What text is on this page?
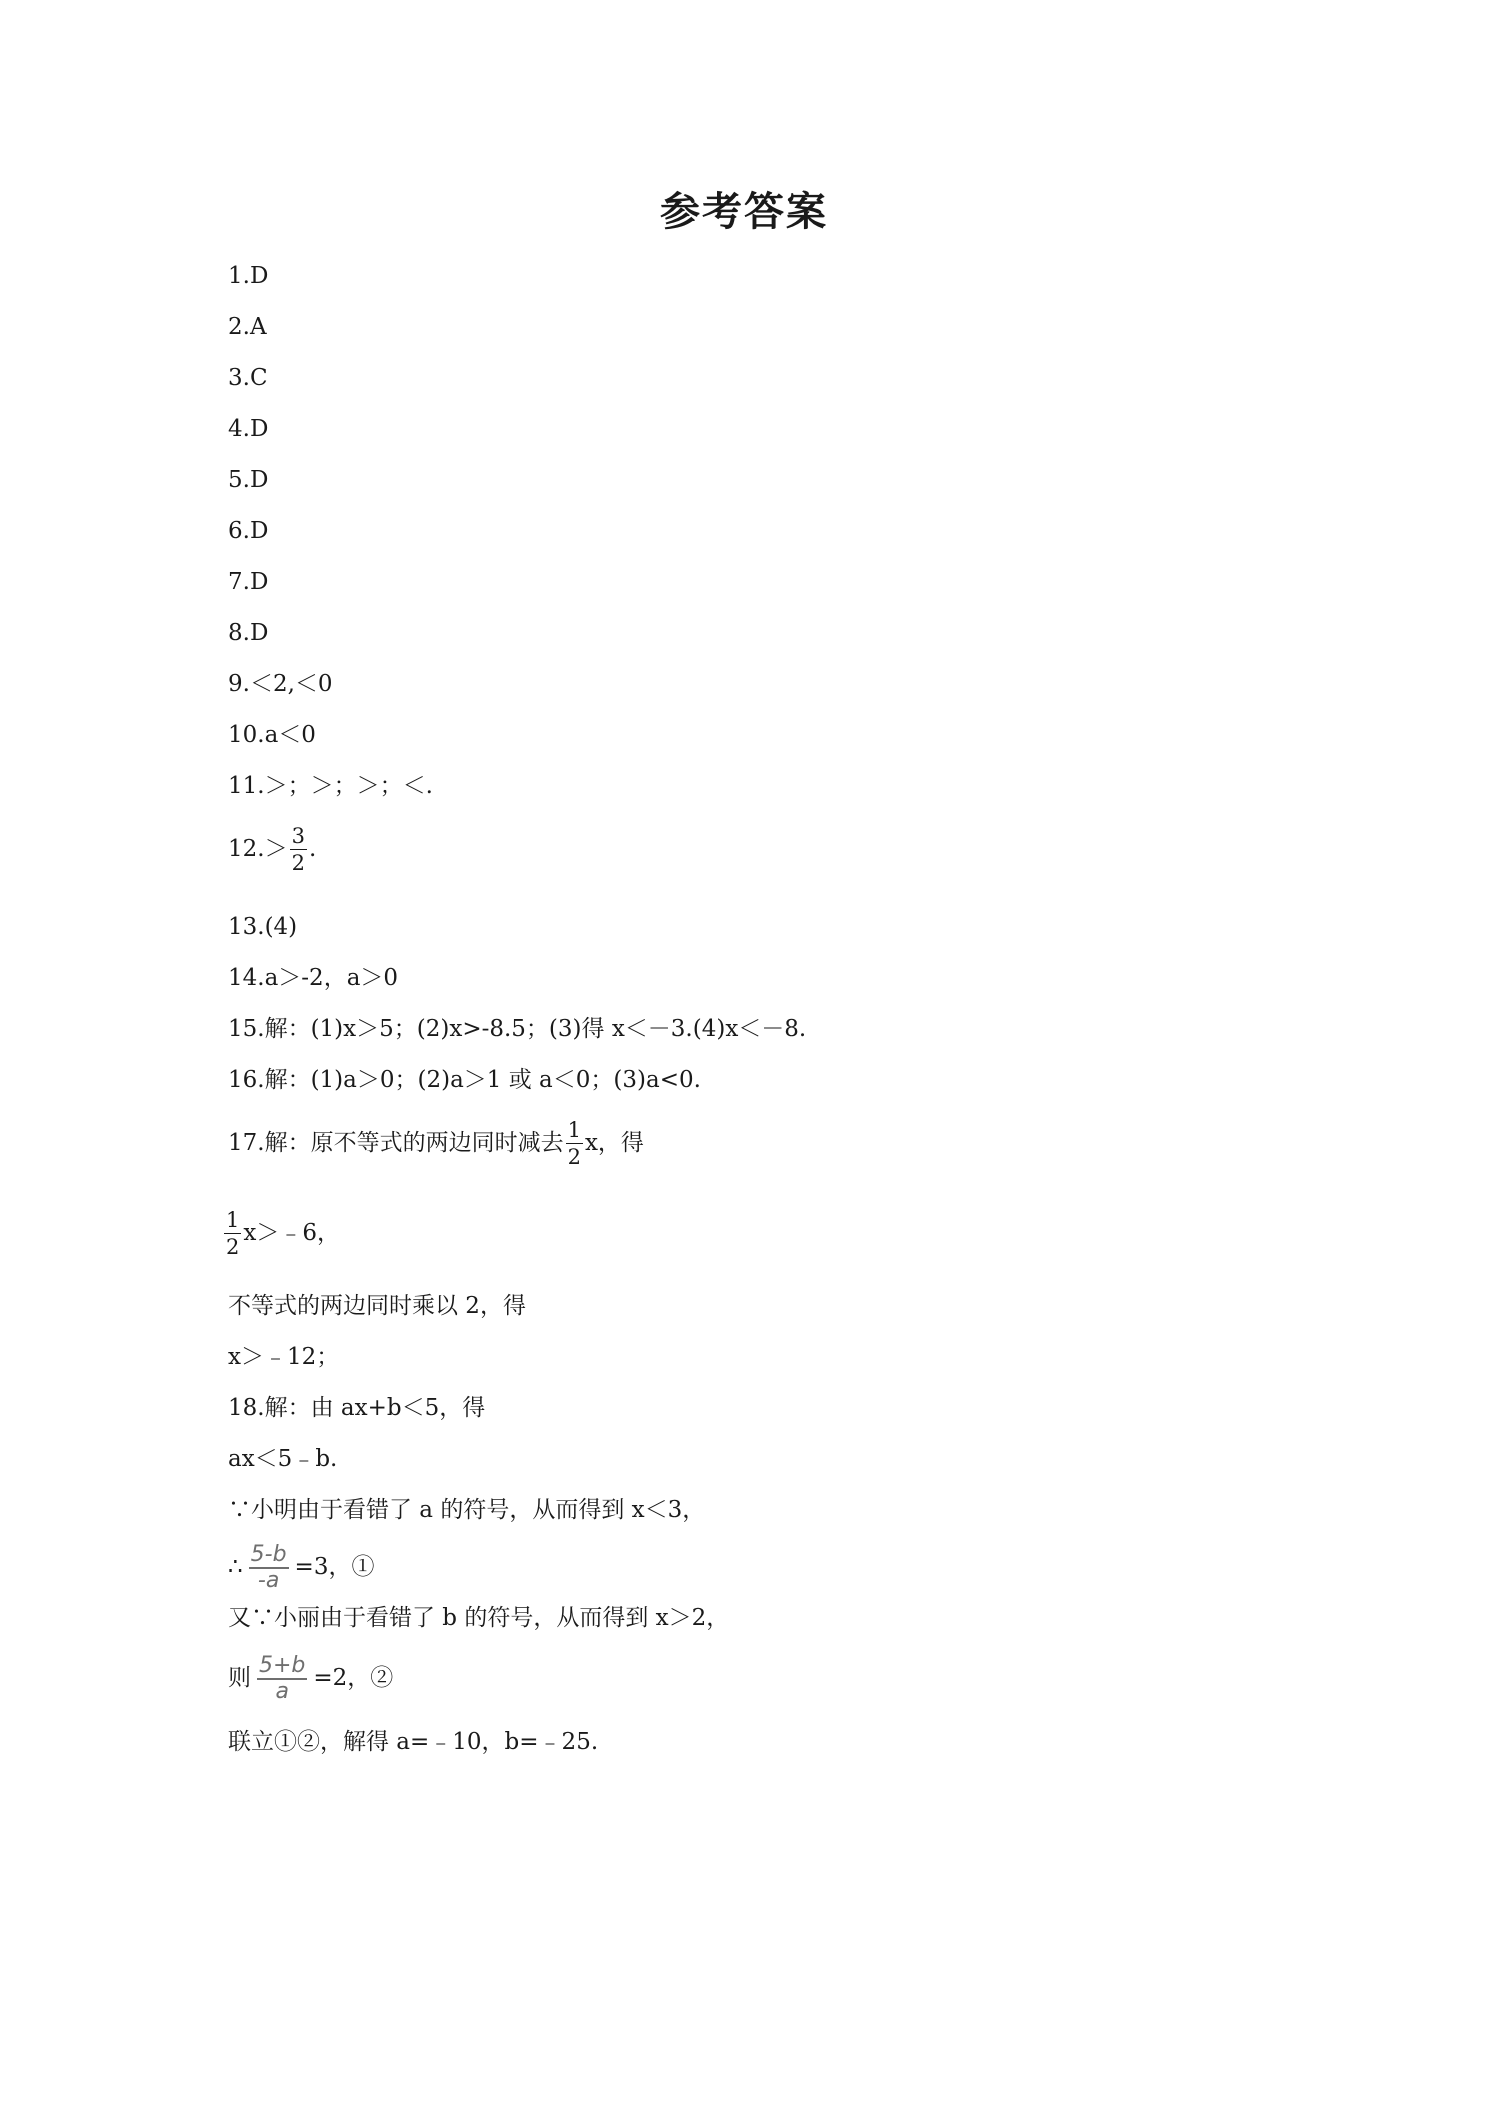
参考答案
1.D
2.A
3.C
4.D
5.D
6.D
7.D
8.D
9.＜2,＜0
10.a＜0
11.＞；＞；＞；＜.
$12.> \frac{3}{2}$ .
13.(4)
14.a＞-2，a＞0
15.解：(1)x＞5；(2)x>-8.5；(3)得 x＜－3.(4)x＜－8.
16.解：(1)a＞0；(2)a＞1 或 a＜0；(3)a<0.
17.解：原不等式的两边同时减去 $\frac{1}{2}$ x，得
$\frac{1}{2}$ x＞﹣6，
不等式的两边同时乘以 2，得
x＞﹣12；
18.解：由 ax+b＜5，得
ax＜5﹣b.
∵小明由于看错了 a 的符号，从而得到 x＜3，
∴ $\frac{5-b}{-a} =3$，①
又∵小丽由于看错了 b 的符号，从而得到 x＞2，
则 $\frac{5+b}{a} =2$，②
联立①②，解得 a=﹣10，b=﹣25.
